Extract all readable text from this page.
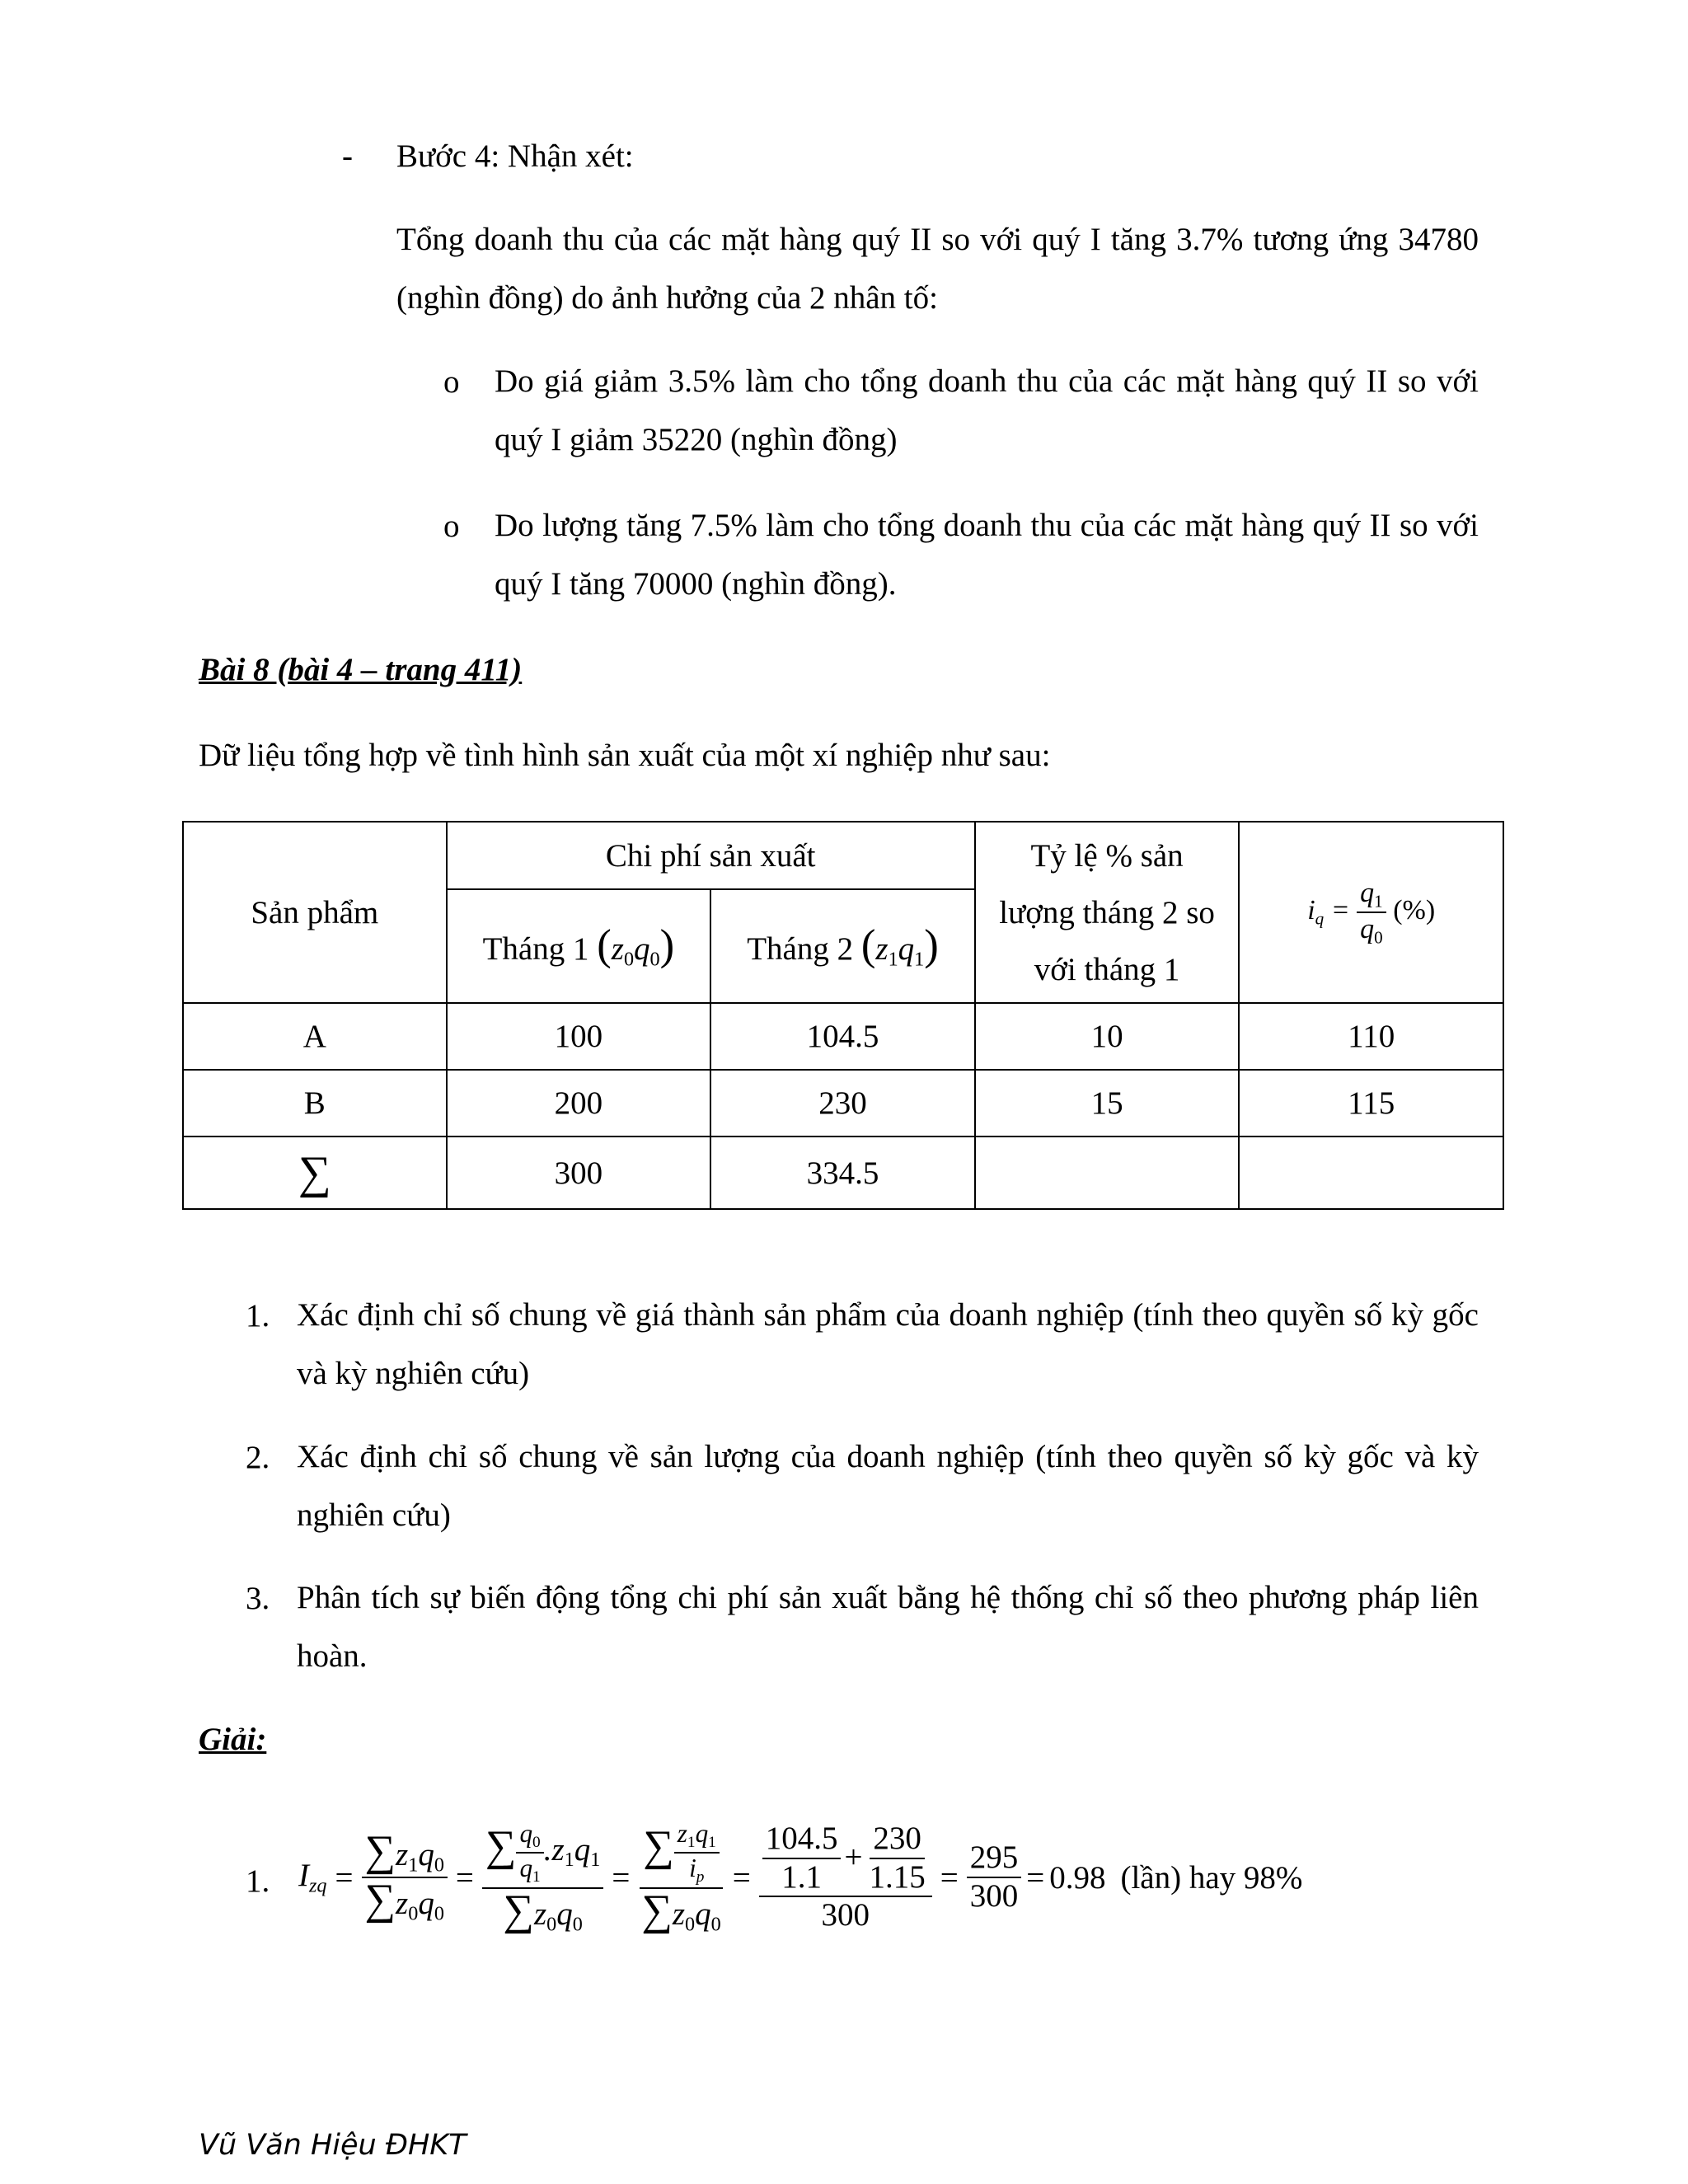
- Bước 4: Nhận xét:
Tổng doanh thu của các mặt hàng quý II so với quý I tăng 3.7% tương ứng 34780 (nghìn đồng) do ảnh hưởng của 2 nhân tố:
o Do giá giảm 3.5% làm cho tổng doanh thu của các mặt hàng quý II so với quý I giảm 35220 (nghìn đồng)
o Do lượng tăng 7.5% làm cho tổng doanh thu của các mặt hàng quý II so với quý I tăng 70000 (nghìn đồng).
Bài 8 (bài 4 – trang 411)
Dữ liệu tổng hợp về tình hình sản xuất của một xí nghiệp như sau:
Sản phẩm	Chi phí sản xuất		Tỷ lệ % sản lượng tháng 2 so với tháng 1	iq = $\frac{q_1}{q_0}$ (%)
	Tháng 1 $(z_0q_0)$	Tháng 2 $(z_1q_1)$		
A	100	104.5	10	110
B	200	230	15	115
∑	300	334.5		
1. Xác định chỉ số chung về giá thành sản phẩm của doanh nghiệp (tính theo quyền số kỳ gốc và kỳ nghiên cứu)
2. Xác định chỉ số chung về sản lượng của doanh nghiệp (tính theo quyền số kỳ gốc và kỳ nghiên cứu)
3. Phân tích sự biến động tổng chi phí sản xuất bằng hệ thống chỉ số theo phương pháp liên hoàn.
Giải:
1. Izq = $\frac{\sum z_1q_0}{\sum z_0q_0} = \frac{\sum \frac{q_0}{q_1} .z_1q_1}{\sum z_0q_0} = \frac{\sum \frac{z_1q_1}{ip}}{\sum z_0q_0} = \frac{\frac{104.5}{1.1} + \frac{230}{1.15}}{300} = \frac{295}{300} = 0.98$ (lần) hay 98%
Vũ Văn Hiệu ĐHKT
